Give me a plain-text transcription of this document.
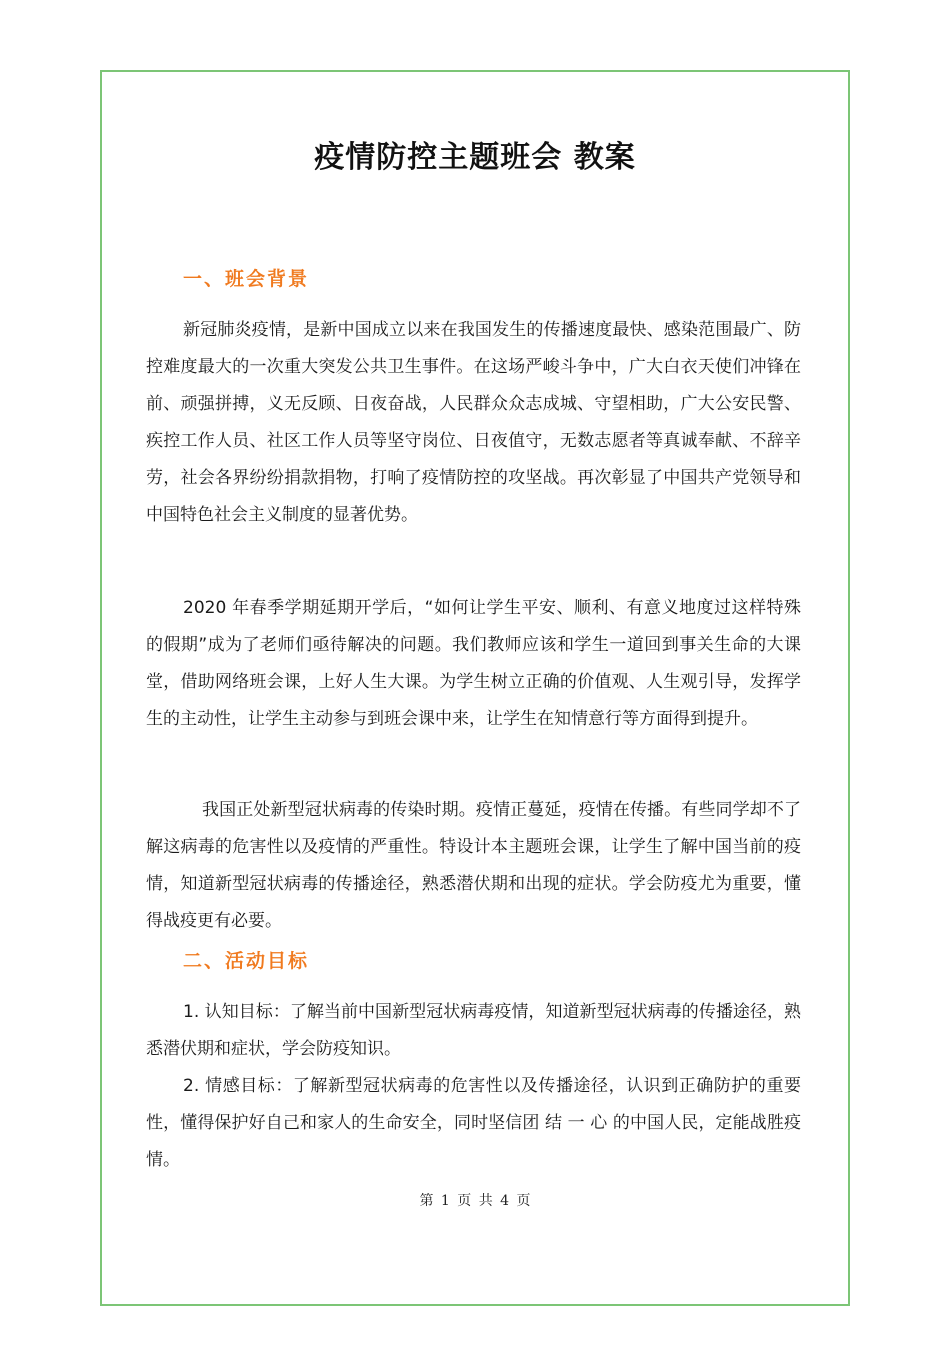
疫情防控主题班会 教案
一、班会背景

新冠肺炎疫情，是新中国成立以来在我国发生的传播速度最快、感染范围最广、防控难度最大的一次重大突发公共卫生事件。在这场严峻斗争中，广大白衣天使们冲锋在前、顽强拼搏，义无反顾、日夜奋战，人民群众众志成城、守望相助，广大公安民警、疾控工作人员、社区工作人员等坚守岗位、日夜值守，无数志愿者等真诚奉献、不辞辛劳，社会各界纷纷捐款捐物，打响了疫情防控的攻坚战。再次彰显了中国共产党领导和中国特色社会主义制度的显著优势。

2020 年春季学期延期开学后，“如何让学生平安、顺利、有意义地度过这样特殊的假期”成为了老师们亟待解决的问题。我们教师应该和学生一道回到事关生命的大课堂，借助网络班会课，上好人生大课。为学生树立正确的价值观、人生观引导，发挥学生的主动性，让学生主动参与到班会课中来，让学生在知情意行等方面得到提升。

我国正处新型冠状病毒的传染时期。疫情正蔓延，疫情在传播。有些同学却不了解这病毒的危害性以及疫情的严重性。特设计本主题班会课，让学生了解中国当前的疫情，知道新型冠状病毒的传播途径，熟悉潜伏期和出现的症状。学会防疫尤为重要，懂得战疫更有必要。

二、活动目标

1. 认知目标：了解当前中国新型冠状病毒疫情，知道新型冠状病毒的传播途径，熟悉潜伏期和症状，学会防疫知识。

2. 情感目标：了解新型冠状病毒的危害性以及传播途径，认识到正确防护的重要性，懂得保护好自己和家人的生命安全，同时坚信团 结 一 心 的中国人民，定能战胜疫情。

第 1 页 共 4 页
